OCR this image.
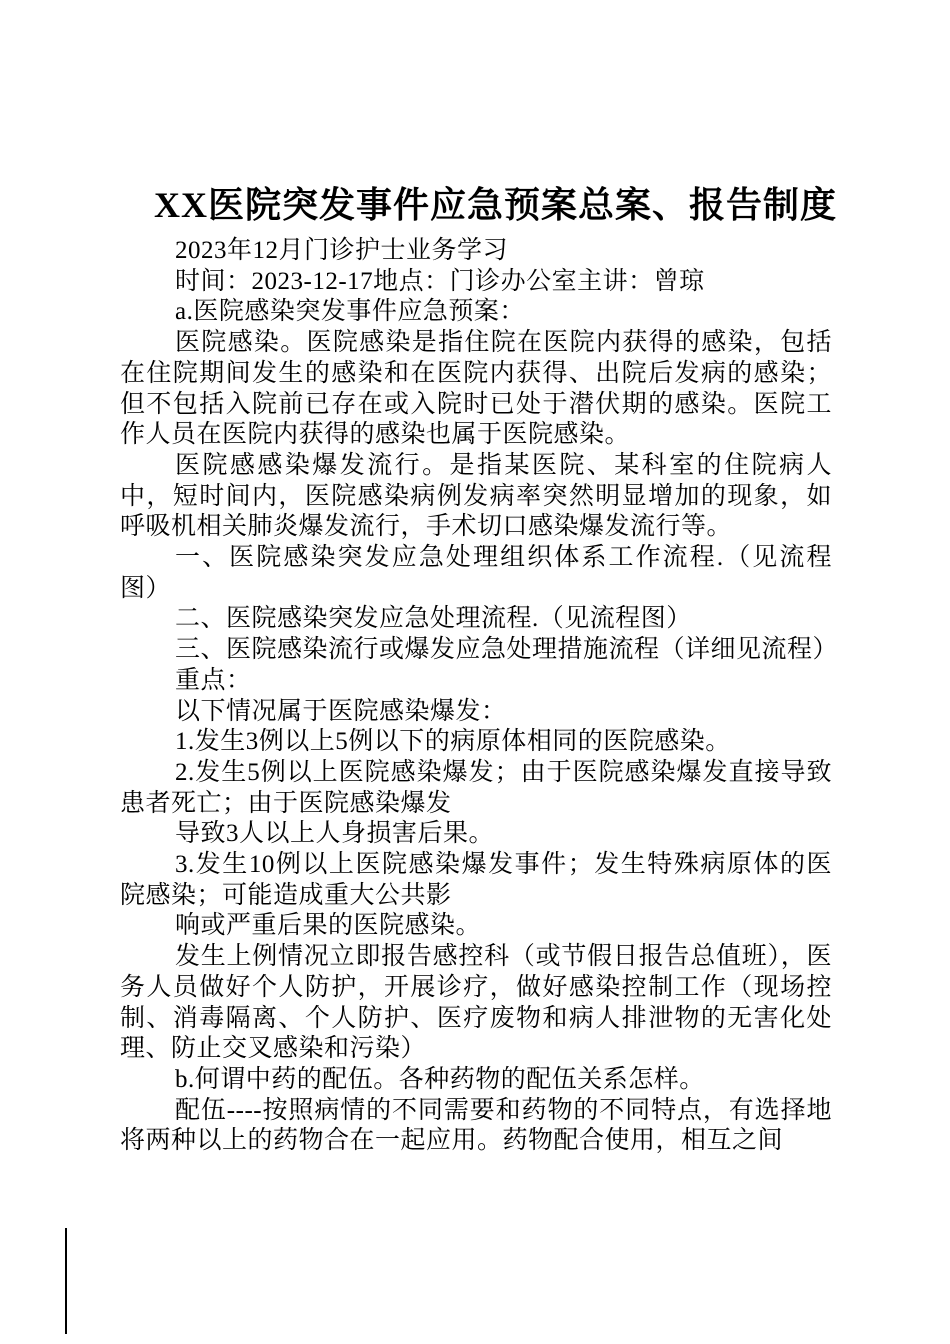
XX医院突发事件应急预案总案、报告制度

2023年12月门诊护士业务学习

时间：2023-12-17地点：门诊办公室主讲：曾琼

a.医院感染突发事件应急预案：

医院感染。医院感染是指住院在医院内获得的感染，包括在住院期间发生的感染和在医院内获得、出院后发病的感染；但不包括入院前已存在或入院时已处于潜伏期的感染。医院工作人员在医院内获得的感染也属于医院感染。

医院感感染爆发流行。是指某医院、某科室的住院病人中，短时间内，医院感染病例发病率突然明显增加的现象，如呼吸机相关肺炎爆发流行，手术切口感染爆发流行等。

一、医院感染突发应急处理组织体系工作流程.（见流程图）

二、医院感染突发应急处理流程.（见流程图）

三、医院感染流行或爆发应急处理措施流程（详细见流程）

重点：

以下情况属于医院感染爆发：

1.发生3例以上5例以下的病原体相同的医院感染。

2.发生5例以上医院感染爆发；由于医院感染爆发直接导致患者死亡；由于医院感染爆发

导致3人以上人身损害后果。

3.发生10例以上医院感染爆发事件；发生特殊病原体的医院感染；可能造成重大公共影

响或严重后果的医院感染。

发生上例情况立即报告感控科（或节假日报告总值班），医务人员做好个人防护，开展诊疗，做好感染控制工作（现场控制、消毒隔离、个人防护、医疗废物和病人排泄物的无害化处理、防止交叉感染和污染）

b.何谓中药的配伍。各种药物的配伍关系怎样。

配伍----按照病情的不同需要和药物的不同特点，有选择地将两种以上的药物合在一起应用。药物配合使用，相互之间
